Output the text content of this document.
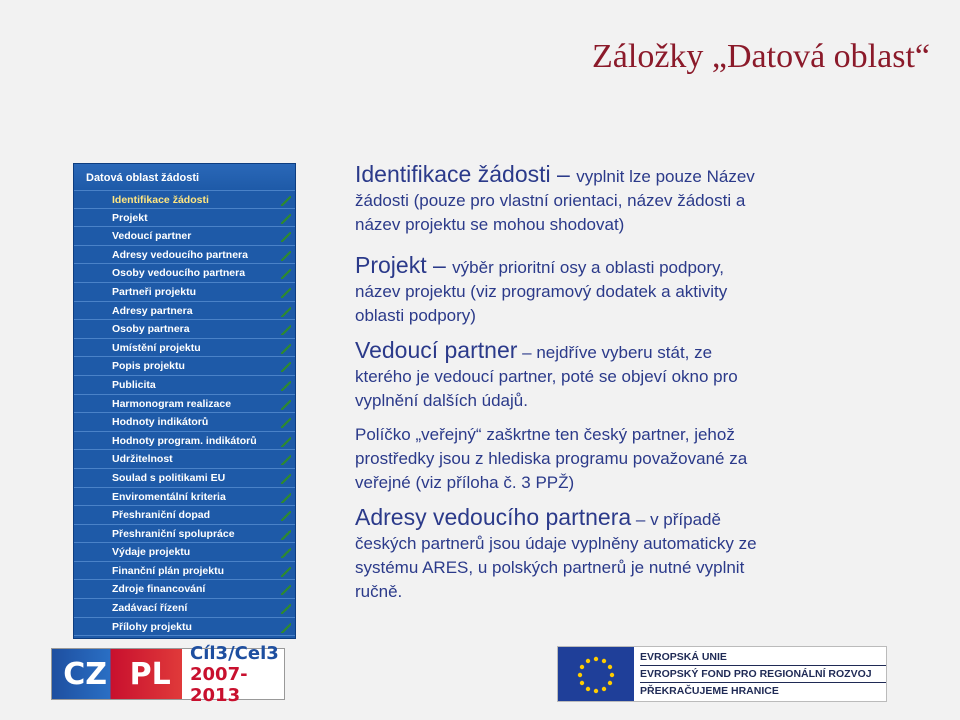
Záložky „Datová oblast“
Datová oblast žádosti
Identifikace žádosti
Projekt
Vedoucí partner
Adresy vedoucího partnera
Osoby vedoucího partnera
Partneři projektu
Adresy partnera
Osoby partnera
Umístění projektu
Popis projektu
Publicita
Harmonogram realizace
Hodnoty indikátorů
Hodnoty program. indikátorů
Udržitelnost
Soulad s politikami EU
Enviromentální kriteria
Přeshraniční dopad
Přeshraniční spolupráce
Výdaje projektu
Finanční plán projektu
Zdroje financování
Zadávací řízení
Přílohy projektu
Identifikace žádosti – vyplnit lze pouze Název
žádosti (pouze pro vlastní orientaci, název žádosti a
název projektu se mohou shodovat)
Projekt – výběr prioritní osy a oblasti podpory,
název projektu (viz programový dodatek a aktivity
oblasti podpory)
Vedoucí partner – nejdříve vyberu stát, ze
kterého je vedoucí partner, poté se objeví okno pro
vyplnění dalších údajů.
Políčko „veřejný“ zaškrtne ten český partner, jehož
prostředky jsou z hlediska programu považované za
veřejné (viz příloha č. 3 PPŽ)
Adresy vedoucího partnera – v případě
českých partnerů jsou údaje vyplněny automaticky ze
systému ARES, u polských partnerů je nutné vyplnit
ručně.
CZ PL
Cíl3/Cel3
2007-2013
EVROPSKÁ UNIE
EVROPSKÝ FOND PRO REGIONÁLNÍ ROZVOJ
PŘEKRAČUJEME HRANICE
